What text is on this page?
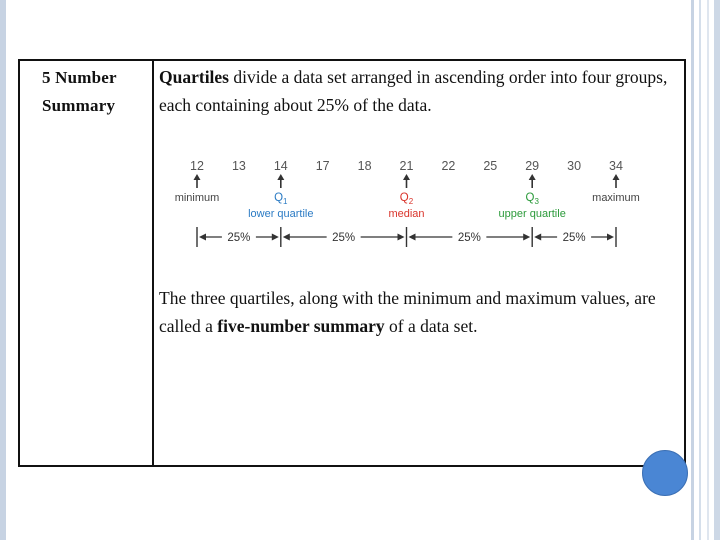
5 Number
Summary
Quartiles divide a data set arranged in ascending order into four groups, each containing about 25% of the data.
The three quartiles, along with the minimum and maximum values, are called a five-number summary of a data set.
12 13 14 17 18 21 22 25 29 30 34
minimum	$Q_1$
lower quartile
$Q_2$
median
$Q_3$
upper quartile
maximum
25%	25%	25%	25%
